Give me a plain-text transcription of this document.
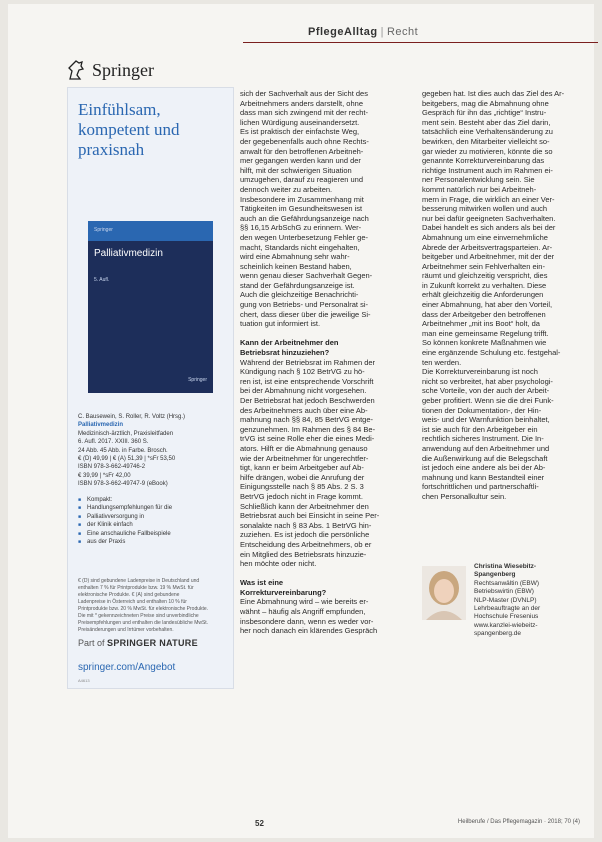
PflegeAlltag | Recht
Springer
Einfühlsam,
kompetent und
praxisnah
Springer
Palliativmedizin
5. Aufl.
Springer
C. Bausewein, S. Roller, R. Voltz (Hrsg.)
Palliativmedizin
Medizinisch-ärztlich, Praxisleitfaden
6. Aufl. 2017. XXIII. 360 S.
24 Abb. 45 Abb. in Farbe. Brosch.
€ (D) 49,99 | € (A) 51,39 | *sFr 53,50
ISBN 978-3-662-49746-2
€ 39,99 | *sFr 42,00
ISBN 978-3-662-49747-9 (eBook)
■ Kompakt:
■ Handlungsempfehlungen für die
■ Palliativversorgung in
■ der Klinik einfach
■ Eine anschauliche Fallbeispiele
■ aus der Praxis
€ (D) sind gebundene Ladenpreise in Deutschland und
enthalten 7 % für Printprodukte bzw. 19 % MwSt. für
elektronische Produkte. € (A) sind gebundene
Ladenpreise in Österreich und enthalten 10 % für
Printprodukte bzw. 20 % MwSt. für elektronische Produkte.
Die mit * gekennzeichneten Preise sind unverbindliche
Preisempfehlungen und enthalten die landesübliche MwSt.
Preisänderungen und Irrtümer vorbehalten.
Part of SPRINGER NATURE
springer.com/Angebot
A4613
sich der Sachverhalt aus der Sicht des
Arbeitnehmers anders darstellt, ohne
dass man sich zwingend mit der recht-
lichen Würdigung auseinandersetzt.
Es ist praktisch der einfachste Weg,
der gegebenenfalls auch ohne Rechts-
anwalt für den betroffenen Arbeitneh-
mer gegangen werden kann und der
hilft, mit der schwierigen Situation
umzugehen, darauf zu reagieren und
dennoch weiter zu arbeiten.
Insbesondere im Zusammenhang mit
Tätigkeiten im Gesundheitswesen ist
auch an die Gefährdungsanzeige nach
§§ 16,15 ArbSchG zu erinnern. Wer-
den wegen Unterbesetzung Fehler ge-
macht, Standards nicht eingehalten,
wird eine Abmahnung sehr wahr-
scheinlich keinen Bestand haben,
wenn genau dieser Sachverhalt Gegen-
stand der Gefährdungsanzeige ist.
Auch die gleichzeitige Benachrichti-
gung von Betriebs- und Personalrat si-
chert, dass dieser über die jeweilige Si-
tuation gut informiert ist.
Kann der Arbeitnehmer den
Betriebsrat hinzuziehen?
Während der Betriebsrat im Rahmen der
Kündigung nach § 102 BetrVG zu hö-
ren ist, ist eine entsprechende Vorschrift
bei der Abmahnung nicht vorgesehen.
Der Betriebsrat hat jedoch Beschwerden
des Arbeitnehmers auch über eine Ab-
mahnung nach §§ 84, 85 BetrVG entge-
genzunehmen. Im Rahmen des § 84 Be-
trVG ist seine Rolle eher die eines Medi-
ators. Hilft er die Abmahnung genauso
wie der Arbeitnehmer für ungerechtfer-
tigt, kann er beim Arbeitgeber auf Ab-
hilfe drängen, wobei die Anrufung der
Einigungsstelle nach § 85 Abs. 2 S. 3
BetrVG jedoch nicht in Frage kommt.
Schließlich kann der Arbeitnehmer den
Betriebsrat auch bei Einsicht in seine Per-
sonalakte nach § 83 Abs. 1 BetrVG hin-
zuziehen. Es ist jedoch die persönliche
Entscheidung des Arbeitnehmers, ob er
ein Mitglied des Betriebsrats hinzuzie-
hen möchte oder nicht.
Was ist eine
Korrekturvereinbarung?
Eine Abmahnung wird – wie bereits er-
wähnt – häufig als Angriff empfunden,
insbesondere dann, wenn es weder vor-
her noch danach ein klärendes Gespräch
gegeben hat. Ist dies auch das Ziel des Ar-
beitgebers, mag die Abmahnung ohne
Gespräch für ihn das „richtige“ Instru-
ment sein. Besteht aber das Ziel darin,
tatsächlich eine Verhaltensänderung zu
bewirken, den Mitarbeiter vielleicht so-
gar wieder zu motivieren, könnte die so
genannte Korrekturvereinbarung das
richtige Instrument auch im Rahmen ei-
ner Personalentwicklung sein. Sie
kommt natürlich nur bei Arbeitneh-
mern in Frage, die wirklich an einer Ver-
besserung mitwirken wollen und auch
nur bei dafür geeigneten Sachverhalten.
Dabei handelt es sich anders als bei der
Abmahnung um eine einvernehmliche
Abrede der Arbeitsvertragsparteien. Ar-
beitgeber und Arbeitnehmer, mit der der
Arbeitnehmer sein Fehlverhalten ein-
räumt und gleichzeitig verspricht, dies
in Zukunft korrekt zu verhalten. Diese
erhält gleichzeitig die Anforderungen
einer Abmahnung, hat aber den Vorteil,
dass der Arbeitgeber den betroffenen
Arbeitnehmer „mit ins Boot“ holt, da
man eine gemeinsame Regelung trifft.
So können konkrete Maßnahmen wie
eine ergänzende Schulung etc. festgehal-
ten werden.
Die Korrekturvereinbarung ist noch
nicht so verbreitet, hat aber psychologi-
sche Vorteile, von der auch der Arbeit-
geber profitiert. Wenn sie die drei Funk-
tionen der Dokumentation-, der Hin-
weis- und der Warnfunktion beinhaltet,
ist sie auch für den Arbeitgeber ein
rechtlich sicheres Instrument. Die In-
anwendung auf den Arbeitnehmer und
die Außenwirkung auf die Belegschaft
ist jedoch eine andere als bei der Ab-
mahnung und kann Bestandteil einer
fortschrittlichen und partnerschaftli-
chen Personalkultur sein.
Christina Wiesebitz-
Spangenberg
Rechtsanwältin (EBW)
Betriebswirtin (EBW)
NLP-Master (DVNLP)
Lehrbeauftragte an der
Hochschule Fresenius
www.kanzlei-wiebeitz-
spangenberg.de
52	Heilberufe / Das Pflegemagazin · 2018; 70 (4)
